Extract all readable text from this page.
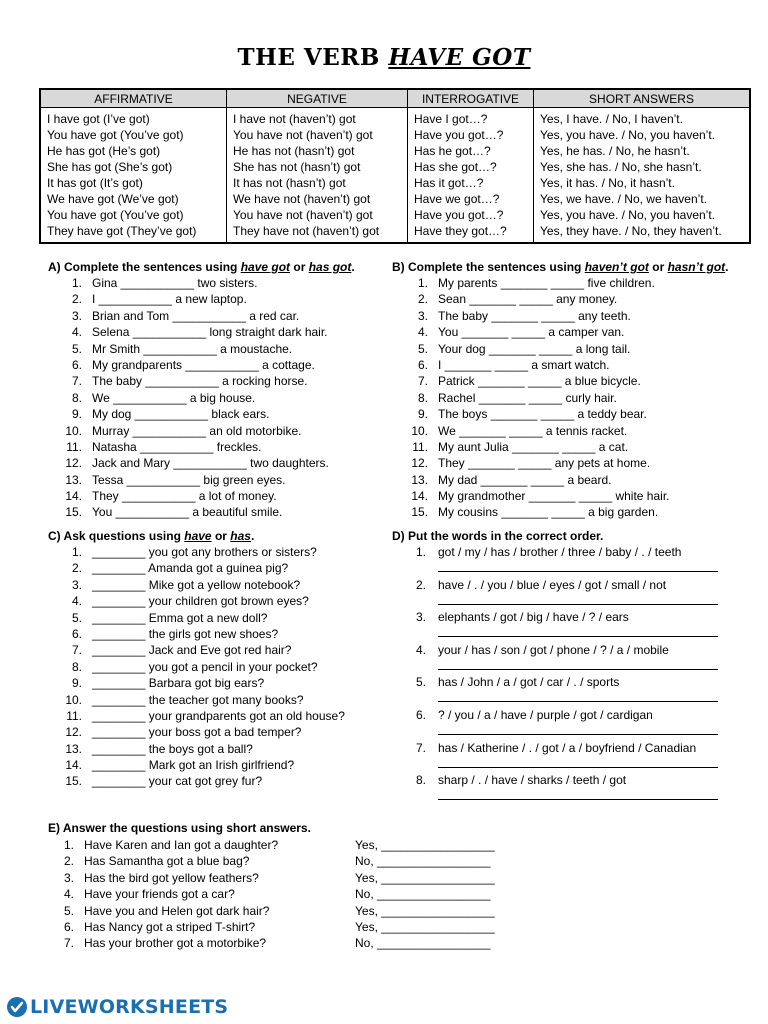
THE VERB HAVE GOT
AFFIRMATIVE	NEGATIVE	INTERROGATIVE	SHORT ANSWERS
I have got (I’ve got)	I have not (haven’t) got	Have I got…?	Yes, I have. / No, I haven’t.
You have got (You’ve got)	You have not (haven’t) got	Have you got…?	Yes, you have. / No, you haven’t.
He has got (He’s got)	He has not (hasn’t) got	Has he got…?	Yes, he has. / No, he hasn’t.
She has got (She’s got)	She has not (hasn’t) got	Has she got…?	Yes, she has. / No, she hasn’t.
It has got (It’s got)	It has not (hasn’t) got	Has it got…?	Yes, it has. / No, it hasn’t.
We have got (We’ve got)	We have not (haven’t) got	Have we got…?	Yes, we have. / No, we haven’t.
You have got (You’ve got)	You have not (haven’t) got	Have you got…?	Yes, you have. / No, you haven’t.
They have got (They’ve got)	They have not (haven’t) got	Have they got…?	Yes, they have. / No, they haven’t.
A) Complete the sentences using have got or has got.
1. Gina ___________ two sisters.
2. I ___________ a new laptop.
3. Brian and Tom ___________ a red car.
4. Selena ___________ long straight dark hair.
5. Mr Smith ___________ a moustache.
6. My grandparents ___________ a cottage.
7. The baby ___________ a rocking horse.
8. We ___________ a big house.
9. My dog ___________ black ears.
10. Murray ___________ an old motorbike.
11. Natasha ___________ freckles.
12. Jack and Mary ___________ two daughters.
13. Tessa ___________ big green eyes.
14. They ___________ a lot of money.
15. You ___________ a beautiful smile.
B) Complete the sentences using haven’t got or hasn’t got.
1. My parents _______ _____ five children.
2. Sean _______ _____ any money.
3. The baby _______ _____ any teeth.
4. You _______ _____ a camper van.
5. Your dog _______ _____ a long tail.
6. I _______ _____ a smart watch.
7. Patrick _______ _____ a blue bicycle.
8. Rachel _______ _____ curly hair.
9. The boys _______ _____ a teddy bear.
10. We _______ _____ a tennis racket.
11. My aunt Julia _______ _____ a cat.
12. They _______ _____ any pets at home.
13. My dad _______ _____ a beard.
14. My grandmother _______ _____ white hair.
15. My cousins _______ _____ a big garden.
C) Ask questions using have or has.
1. ________ you got any brothers or sisters?
2. ________ Amanda got a guinea pig?
3. ________ Mike got a yellow notebook?
4. ________ your children got brown eyes?
5. ________ Emma got a new doll?
6. ________ the girls got new shoes?
7. ________ Jack and Eve got red hair?
8. ________ you got a pencil in your pocket?
9. ________ Barbara got big ears?
10. ________ the teacher got many books?
11. ________ your grandparents got an old house?
12. ________ your boss got a bad temper?
13. ________ the boys got a ball?
14. ________ Mark got an Irish girlfriend?
15. ________ your cat got grey fur?
D) Put the words in the correct order.
1. got / my / has / brother / three / baby / . / teeth
2. have / . / you / blue / eyes / got / small / not
3. elephants / got / big / have / ? / ears
4. your / has / son / got / phone / ? / a / mobile
5. has / John / a / got / car / . / sports
6. ? / you / a / have / purple / got / cardigan
7. has / Katherine / . / got / a / boyfriend / Canadian
8. sharp / . / have / sharks / teeth / got
E) Answer the questions using short answers.
1. Have Karen and Ian got a daughter?	Yes, _________________
2. Has Samantha got a blue bag?	No, _________________
3. Has the bird got yellow feathers?	Yes, _________________
4. Have your friends got a car?	No, _________________
5. Have you and Helen got dark hair?	Yes, _________________
6. Has Nancy got a striped T-shirt?	Yes, _________________
7. Has your brother got a motorbike?	No, _________________
LIVEWORKSHEETS
